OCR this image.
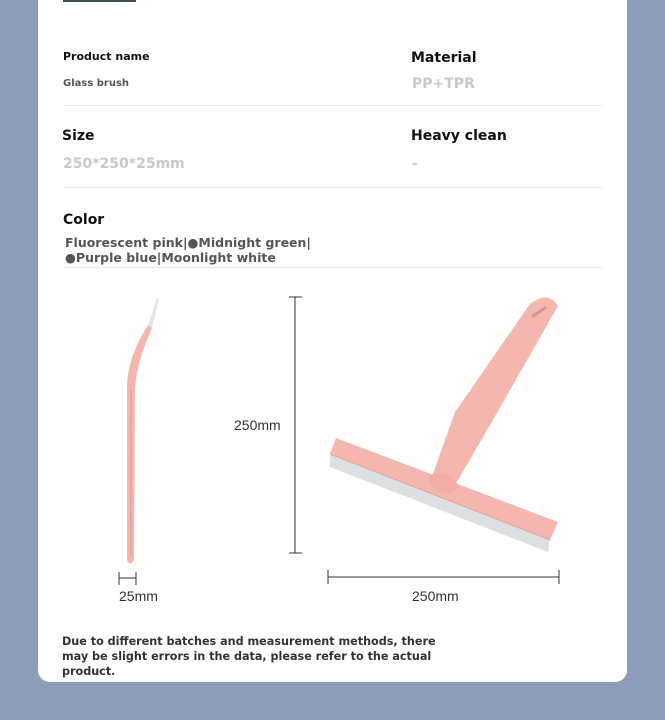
Product name
Glass brush
Material
PP+TPR
Size
250*250*25mm
Heavy clean
-
Color
Fluorescent pink|●Midnight green|●Purple blue|Moonlight white
250mm
250mm
25mm
Due to different batches and measurement methods, there may be slight errors in the data, please refer to the actual product.
